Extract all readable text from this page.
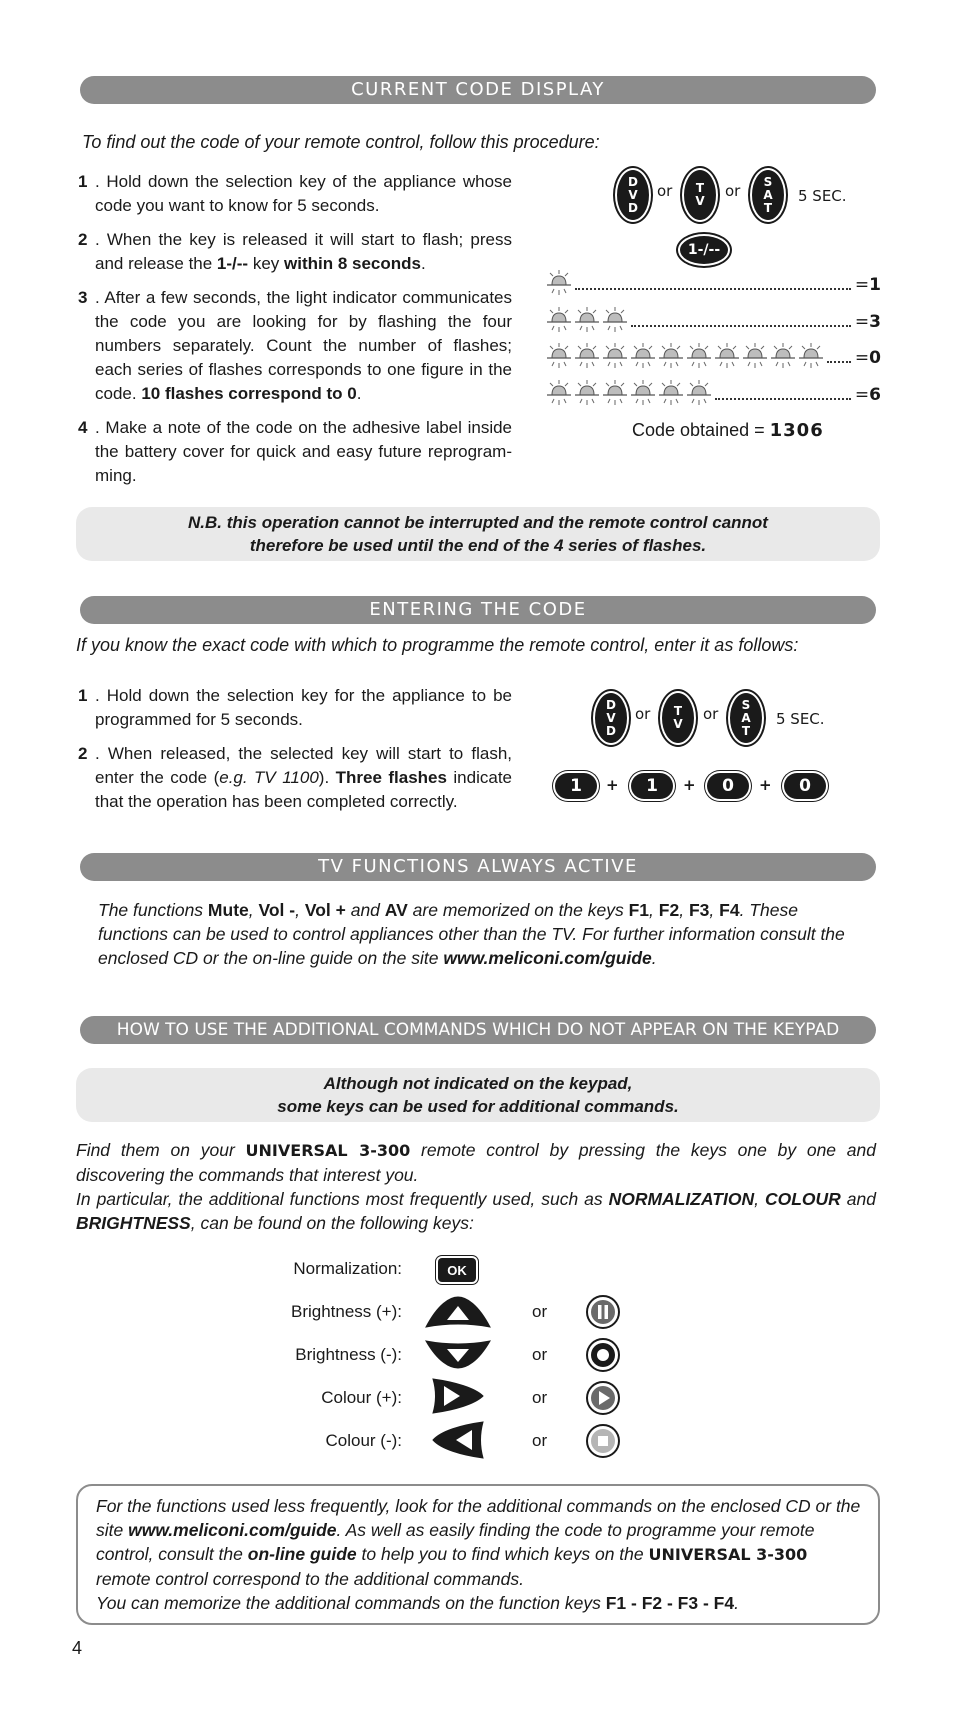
CURRENT CODE DISPLAY
To find out the code of your remote control, follow this procedure:
1 . Hold down the selection key of the appliance whose code you want to know for 5 seconds.
2 . When the key is released it will start to flash; press and release the 1-/-- key within 8 seconds.
3 . After a few seconds, the light indicator communicates the code you are looking for by flashing the four numbers separately. Count the number of flashes; each series of flashes corresponds to one figure in the code. 10 flashes correspond to 0.
4 . Make a note of the code on the adhesive label inside the battery cover for quick and easy future reprogramming.
D
V
D
or T
V
or
S
A
T
5 SEC.
1-/--
= 1
= 3
= 0
= 6
Code obtained = 1306
N.B. this operation cannot be interrupted and the remote control cannot
therefore be used until the end of the 4 series of flashes.
ENTERING THE CODE
If you know the exact code with which to programme the remote control, enter it as follows:
1 . Hold down the selection key for the appliance to be programmed for 5 seconds.
2 . When released, the selected key will start to flash, enter the code (e.g. TV 1100). Three flashes indicate that the operation has been completed correctly.
D
V
D
or T
V
or
S
A
T
5 SEC.
1	+	1	+	0	+	0
TV FUNCTIONS ALWAYS ACTIVE
The functions Mute, Vol -, Vol + and AV are memorized on the keys F1, F2, F3, F4. These functions can be used to control appliances other than the TV. For further information consult the enclosed CD or the on-line guide on the site www.meliconi.com/guide.
HOW TO USE THE ADDITIONAL COMMANDS WHICH DO NOT APPEAR ON THE KEYPAD
Although not indicated on the keypad,
some keys can be used for additional commands.
Find them on your UNIVERSAL 3-300 remote control by pressing the keys one by one and discovering the commands that interest you.
In particular, the additional functions most frequently used, such as NORMALIZATION, COLOUR and BRIGHTNESS, can be found on the following keys:
Normalization:	OK
Brightness (+):	or
Brightness (-):	or
Colour (+):	or
Colour (-):	or
For the functions used less frequently, look for the additional commands on the enclosed CD or the site www.meliconi.com/guide. As well as easily finding the code to programme your remote control, consult the on-line guide to help you to find which keys on the UNIVERSAL 3-300 remote control correspond to the additional commands.
You can memorize the additional commands on the function keys F1 - F2 - F3 - F4.
4
